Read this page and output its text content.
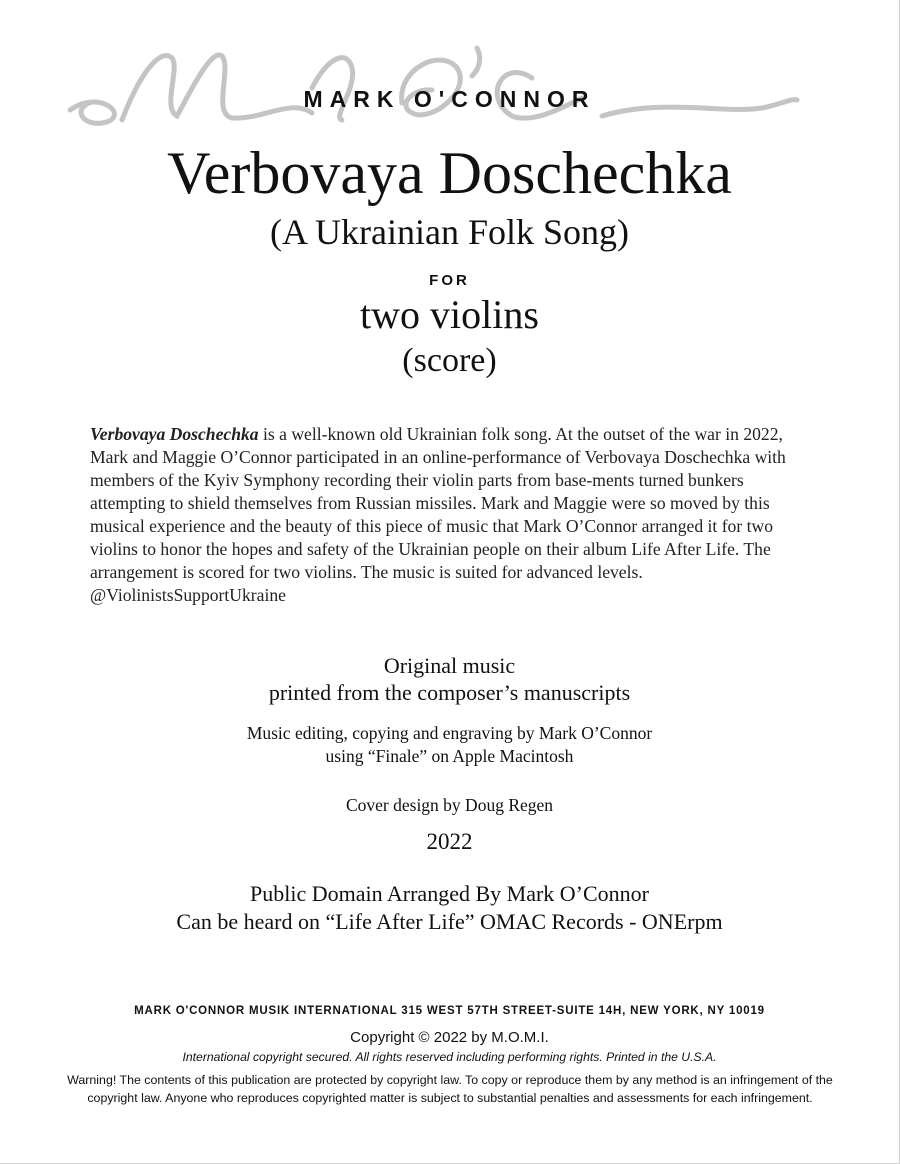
MARK O'CONNOR
Verbovaya Doschechka
(A Ukrainian Folk Song)
FOR
two violins
(score)

Verbovaya Doschechka is a well-known old Ukrainian folk song. At the outset of the war in 2022, Mark and Maggie O’Connor participated in an online-performance of Verbovaya Doschechka with members of the Kyiv Symphony recording their violin parts from base-ments turned bunkers attempting to shield themselves from Russian missiles. Mark and Maggie were so moved by this musical experience and the beauty of this piece of music that Mark O’Connor arranged it for two violins to honor the hopes and safety of the Ukrainian people on their album Life After Life. The arrangement is scored for two violins. The music is suited for advanced levels. @ViolinistsSupportUkraine

Original music
printed from the composer’s manuscripts
Music editing, copying and engraving by Mark O’Connor
using “Finale” on Apple Macintosh
Cover design by Doug Regen
2022
Public Domain Arranged By Mark O’Connor
Can be heard on “Life After Life” OMAC Records - ONErpm
MARK O'CONNOR MUSIK INTERNATIONAL 315 WEST 57TH STREET-SUITE 14H, NEW YORK, NY 10019
Copyright © 2022 by M.O.M.I.
International copyright secured. All rights reserved including performing rights. Printed in the U.S.A.
Warning! The contents of this publication are protected by copyright law. To copy or reproduce them by any method is an infringement of the copyright law. Anyone who reproduces copyrighted matter is subject to substantial penalties and assessments for each infringement.
